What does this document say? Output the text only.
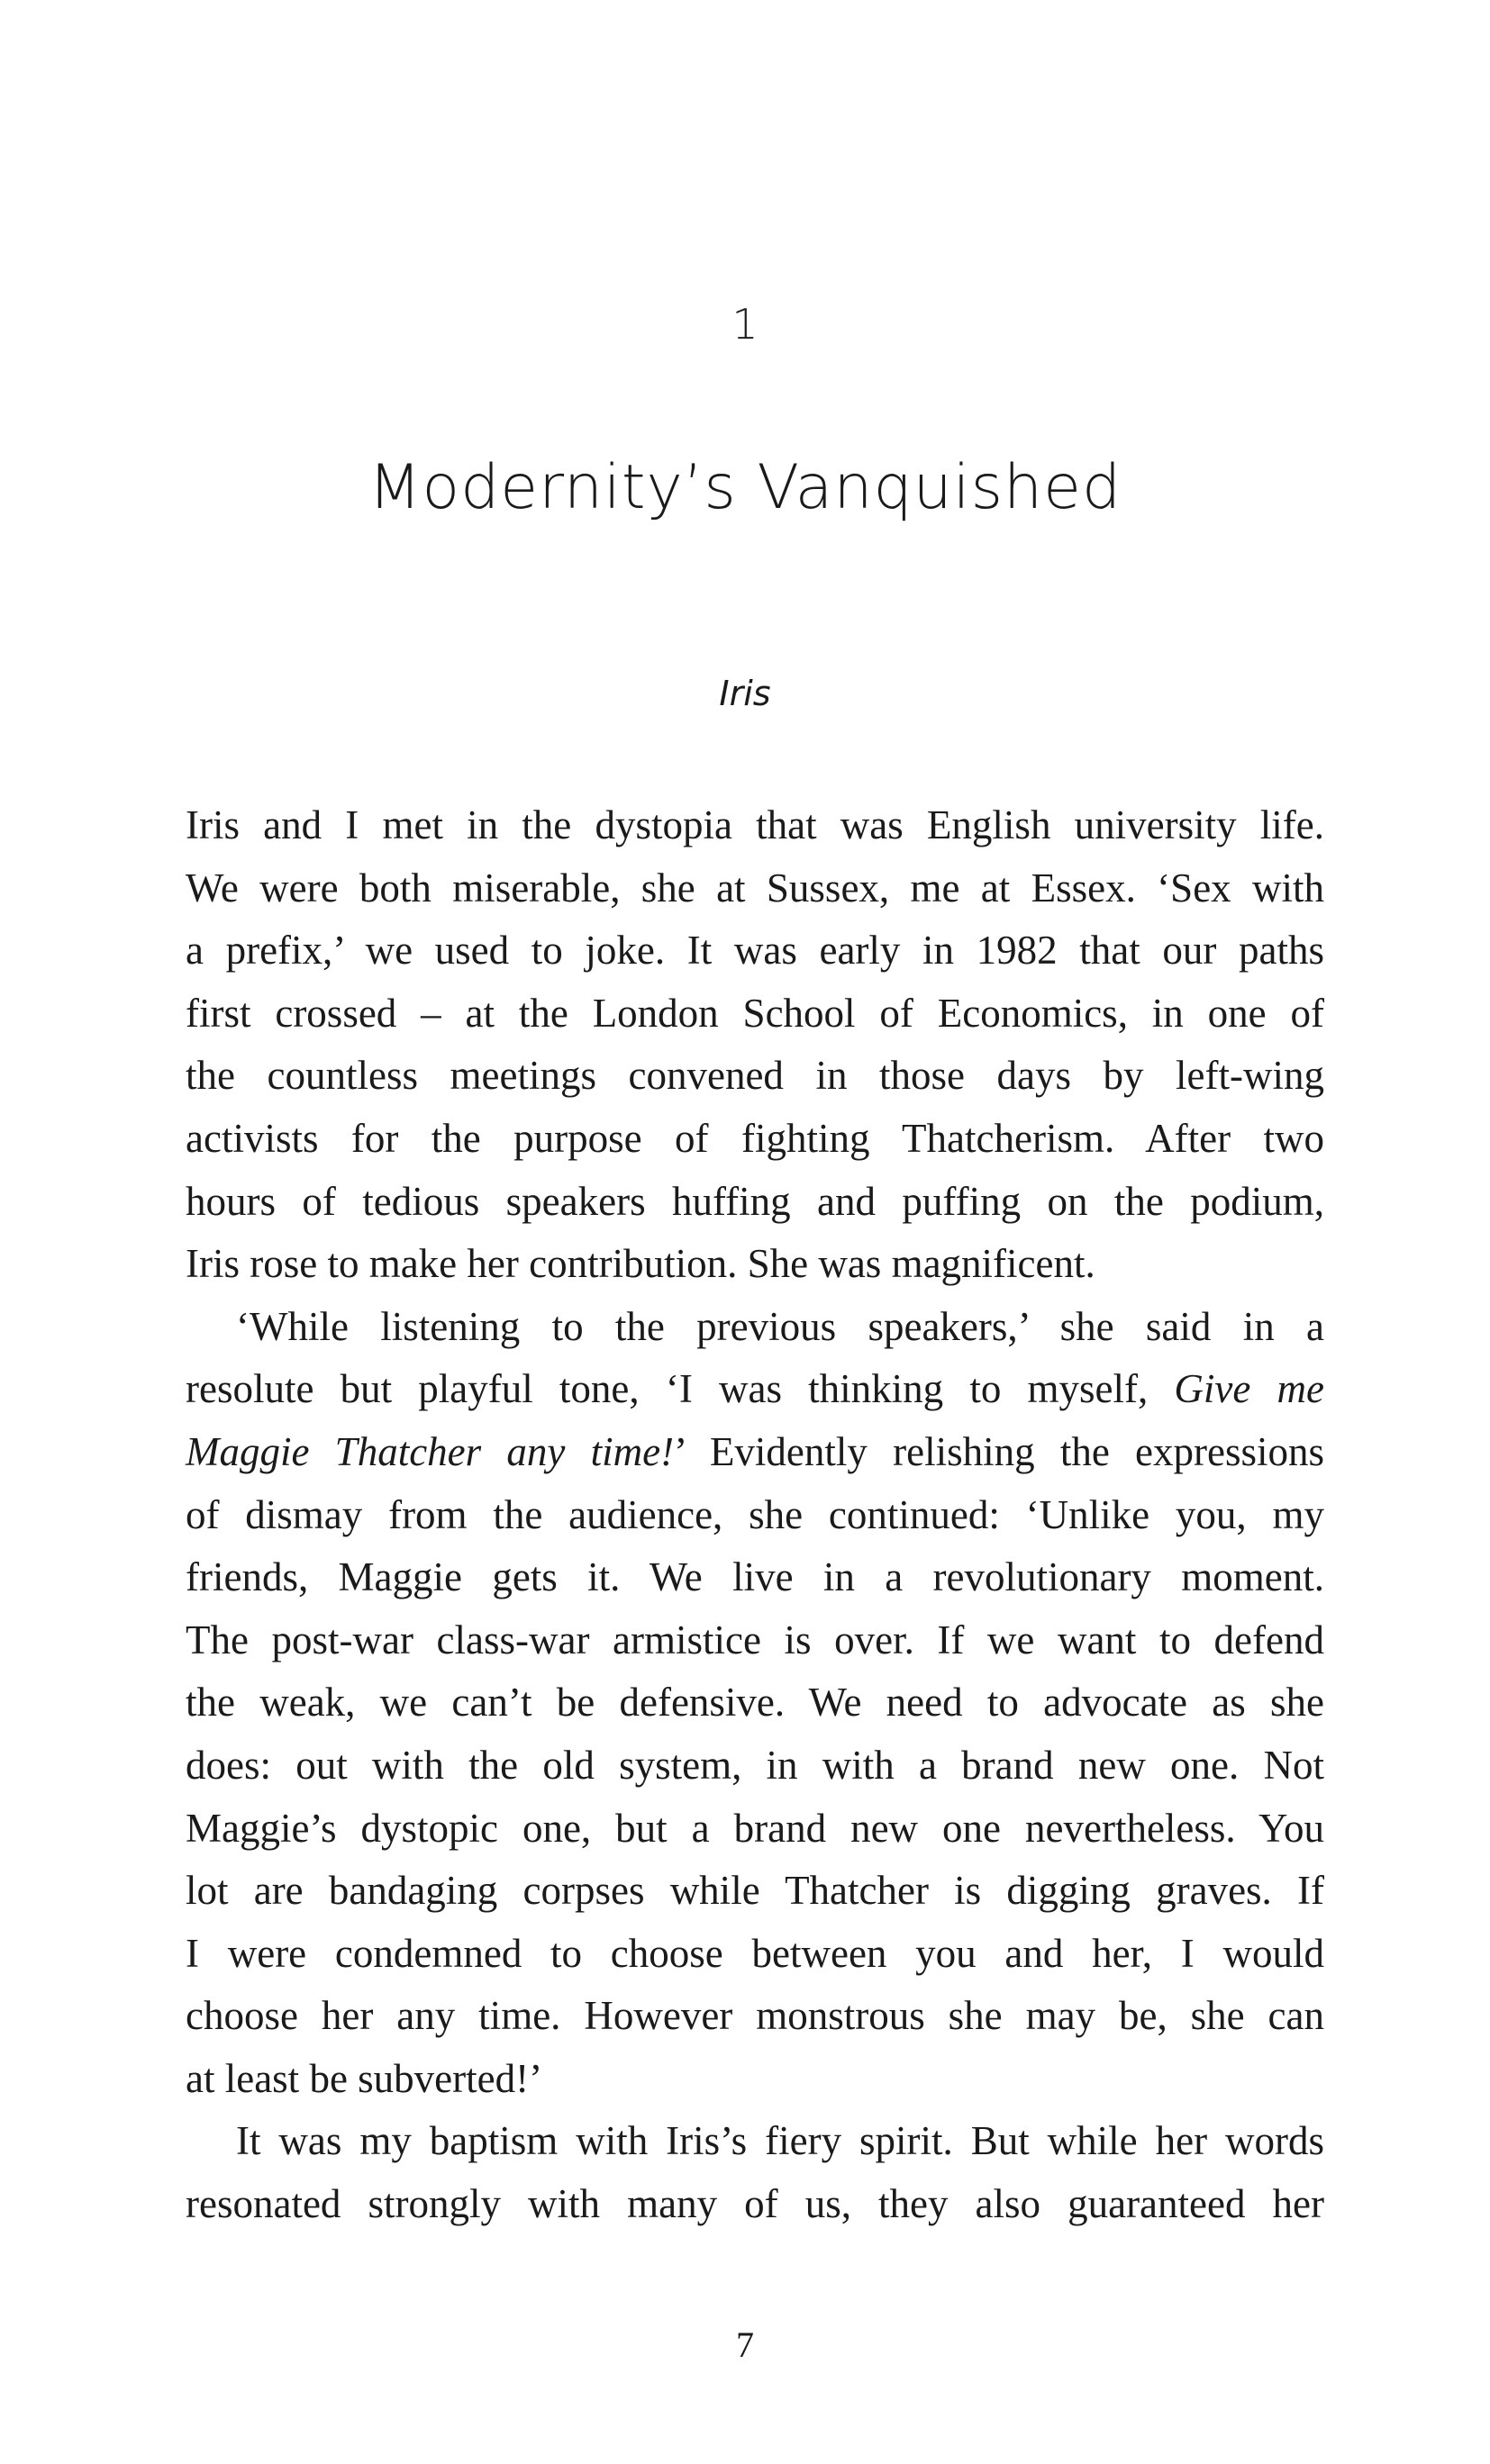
1
Modernity’s Vanquished
Iris
Iris and I met in the dystopia that was English university life.
We were both miserable, she at Sussex, me at Essex. ‘Sex with
a prefix,’ we used to joke. It was early in 1982 that our paths
first crossed – at the London School of Economics, in one of
the countless meetings convened in those days by left-wing
activists for the purpose of fighting Thatcherism. After two
hours of tedious speakers huffing and puffing on the podium,
Iris rose to make her contribution. She was magnificent.
‘While listening to the previous speakers,’ she said in a
resolute but playful tone, ‘I was thinking to myself, Give me
Maggie Thatcher any time!’ Evidently relishing the expressions
of dismay from the audience, she continued: ‘Unlike you, my
friends, Maggie gets it. We live in a revolutionary moment.
The post-war class-war armistice is over. If we want to defend
the weak, we can’t be defensive. We need to advocate as she
does: out with the old system, in with a brand new one. Not
Maggie’s dystopic one, but a brand new one nevertheless. You
lot are bandaging corpses while Thatcher is digging graves. If
I were condemned to choose between you and her, I would
choose her any time. However monstrous she may be, she can
at least be subverted!’
It was my baptism with Iris’s fiery spirit. But while her words
resonated strongly with many of us, they also guaranteed her
7
